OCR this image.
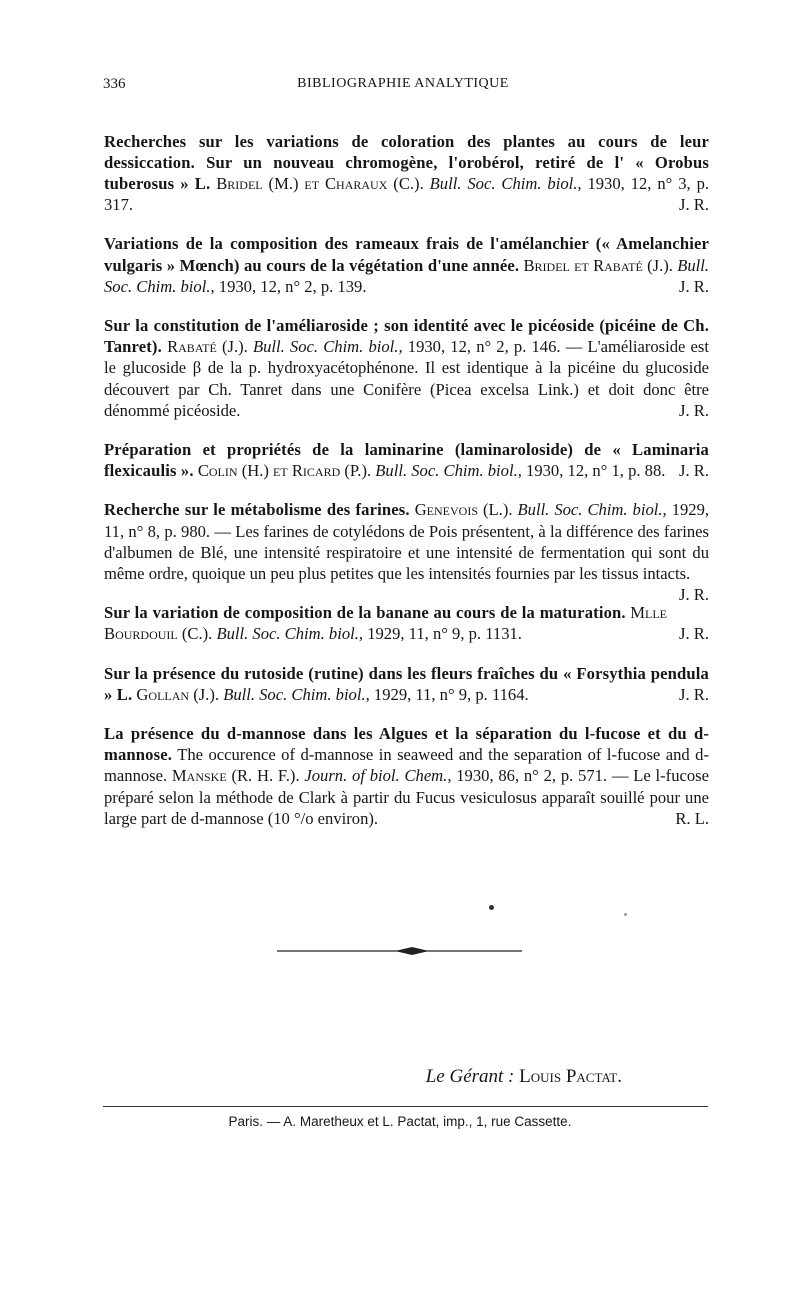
336	BIBLIOGRAPHIE ANALYTIQUE

Recherches sur les variations de coloration des plantes au cours de leur dessiccation. Sur un nouveau chromogène, l'orobérol, retiré de l' « Orobus tuberosus » L. Bridel (M.) et Charaux (C.). Bull. Soc. Chim. biol., 1930, 12, n° 3, p. 317.	J. R.

Variations de la composition des rameaux frais de l'amélanchier (« Amelanchier vulgaris » Mœnch) au cours de la végétation d'une année. Bridel et Rabaté (J.). Bull. Soc. Chim. biol., 1930, 12, n° 2, p. 139.	J. R.

Sur la constitution de l'améliaroside ; son identité avec le picéoside (picéine de Ch. Tanret). Rabaté (J.). Bull. Soc. Chim. biol., 1930, 12, n° 2, p. 146. — L'améliaroside est le glucoside β de la p. hydroxyacétophénone. Il est identique à la picéine du glucoside découvert par Ch. Tanret dans une Conifère (Picea excelsa Link.) et doit donc être dénommé picéoside.	J. R.

Préparation et propriétés de la laminarine (laminaroloside) de « Laminaria flexicaulis ». Colin (H.) et Ricard (P.). Bull. Soc. Chim. biol., 1930, 12, n° 1, p. 88. J. R.

Recherche sur le métabolisme des farines. Genevois (L.). Bull. Soc. Chim. biol., 1929, 11, n° 8, p. 980. — Les farines de cotylédons de Pois présentent, à la différence des farines d'albumen de Blé, une intensité respiratoire et une intensité de fermentation qui sont du même ordre, quoique un peu plus petites que les intensités fournies par les tissus intacts.
J. R.

Sur la variation de composition de la banane au cours de la maturation. Mlle Bourdouil (C.). Bull. Soc. Chim. biol., 1929, 11, n° 9, p. 1131.	J. R.

Sur la présence du rutoside (rutine) dans les fleurs fraîches du « Forsythia pendula » L. Gollan (J.). Bull. Soc. Chim. biol., 1929, 11, n° 9, p. 1164.	J. R.

La présence du d-mannose dans les Algues et la séparation du l-fucose et du d-mannose. The occurence of d-mannose in seaweed and the separation of l-fucose and d-mannose. Manske (R. H. F.). Journ. of biol. Chem., 1930, 86, n° 2, p. 571. — Le l-fucose préparé selon la méthode de Clark à partir du Fucus vesiculosus apparaît souillé pour une large part de d-mannose (10 °/o environ).	R. L.

Le Gérant : Louis Pactat.
Paris. — A. Maretheux et L. Pactat, imp., 1, rue Cassette.
